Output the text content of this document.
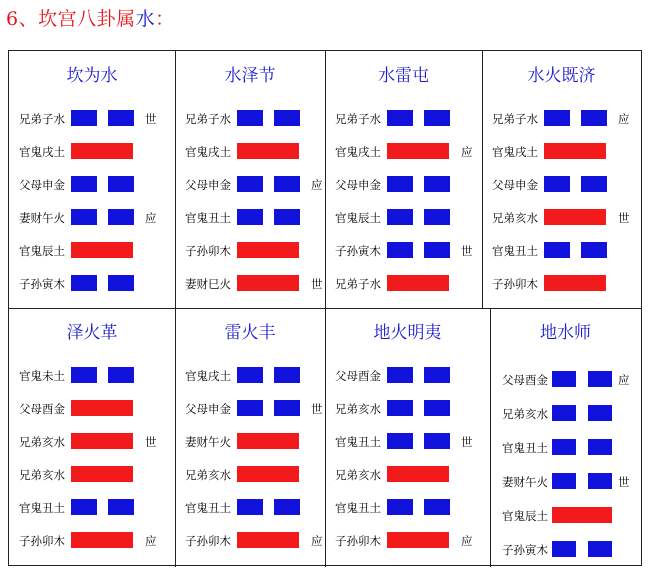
6、坎宫八卦属水：
坎为水
兄弟子水	世
官鬼戌土
父母申金
妻财午火	应
官鬼辰土
子孙寅木
水泽节
兄弟子水
官鬼戌土
父母申金	应
官鬼丑土
子孙卯木
妻财巳火	世
水雷屯
兄弟子水
官鬼戌土	应
父母申金
官鬼辰土
子孙寅木	世
兄弟子水
水火既济
兄弟子水	应
官鬼戌土
父母申金
兄弟亥水	世
官鬼丑土
子孙卯木
泽火革
官鬼未土
父母酉金
兄弟亥水	世
兄弟亥水
官鬼丑土
子孙卯木	应
雷火丰
官鬼戌土
父母申金	世
妻财午火
兄弟亥水
官鬼丑土
子孙卯木	应
地火明夷
父母酉金
兄弟亥水
官鬼丑土	世
兄弟亥水
官鬼丑土
子孙卯木	应
地水师
父母酉金	应
兄弟亥水
官鬼丑土
妻财午火	世
官鬼辰土
子孙寅木
